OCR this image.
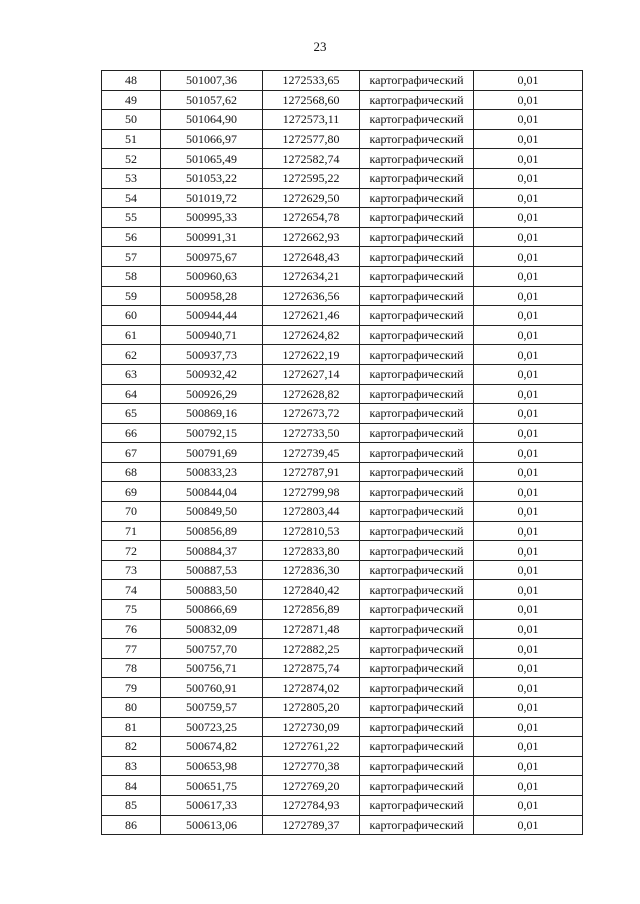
23
48	501007,36	1272533,65	картографический	0,01
49	501057,62	1272568,60	картографический	0,01
50	501064,90	1272573,11	картографический	0,01
51	501066,97	1272577,80	картографический	0,01
52	501065,49	1272582,74	картографический	0,01
53	501053,22	1272595,22	картографический	0,01
54	501019,72	1272629,50	картографический	0,01
55	500995,33	1272654,78	картографический	0,01
56	500991,31	1272662,93	картографический	0,01
57	500975,67	1272648,43	картографический	0,01
58	500960,63	1272634,21	картографический	0,01
59	500958,28	1272636,56	картографический	0,01
60	500944,44	1272621,46	картографический	0,01
61	500940,71	1272624,82	картографический	0,01
62	500937,73	1272622,19	картографический	0,01
63	500932,42	1272627,14	картографический	0,01
64	500926,29	1272628,82	картографический	0,01
65	500869,16	1272673,72	картографический	0,01
66	500792,15	1272733,50	картографический	0,01
67	500791,69	1272739,45	картографический	0,01
68	500833,23	1272787,91	картографический	0,01
69	500844,04	1272799,98	картографический	0,01
70	500849,50	1272803,44	картографический	0,01
71	500856,89	1272810,53	картографический	0,01
72	500884,37	1272833,80	картографический	0,01
73	500887,53	1272836,30	картографический	0,01
74	500883,50	1272840,42	картографический	0,01
75	500866,69	1272856,89	картографический	0,01
76	500832,09	1272871,48	картографический	0,01
77	500757,70	1272882,25	картографический	0,01
78	500756,71	1272875,74	картографический	0,01
79	500760,91	1272874,02	картографический	0,01
80	500759,57	1272805,20	картографический	0,01
81	500723,25	1272730,09	картографический	0,01
82	500674,82	1272761,22	картографический	0,01
83	500653,98	1272770,38	картографический	0,01
84	500651,75	1272769,20	картографический	0,01
85	500617,33	1272784,93	картографический	0,01
86	500613,06	1272789,37	картографический	0,01
